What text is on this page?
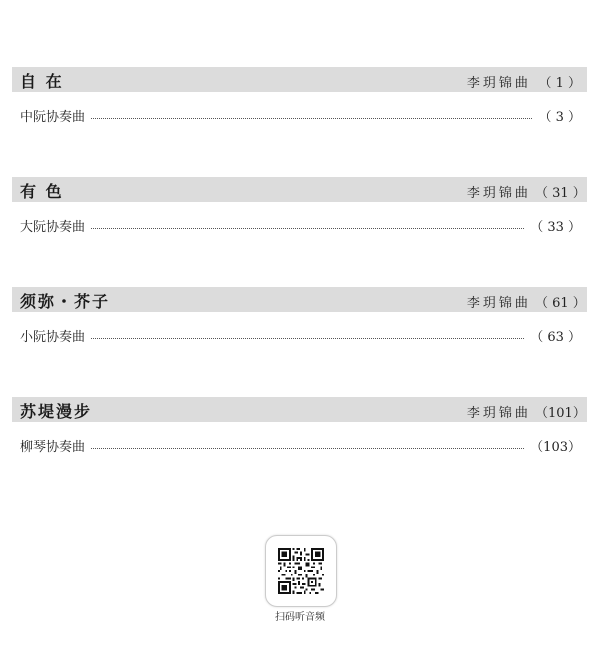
自 在	李玥锦曲 （ 1 ）
中阮协奏曲	（ 3 ）
有 色	李玥锦曲 （ 31 ）
大阮协奏曲	（ 33 ）
须弥・芥子	李玥锦曲 （ 61 ）
小阮协奏曲	（ 63 ）
苏堤漫步	李玥锦曲 （101）
柳琴协奏曲	（103）
扫码听音频
